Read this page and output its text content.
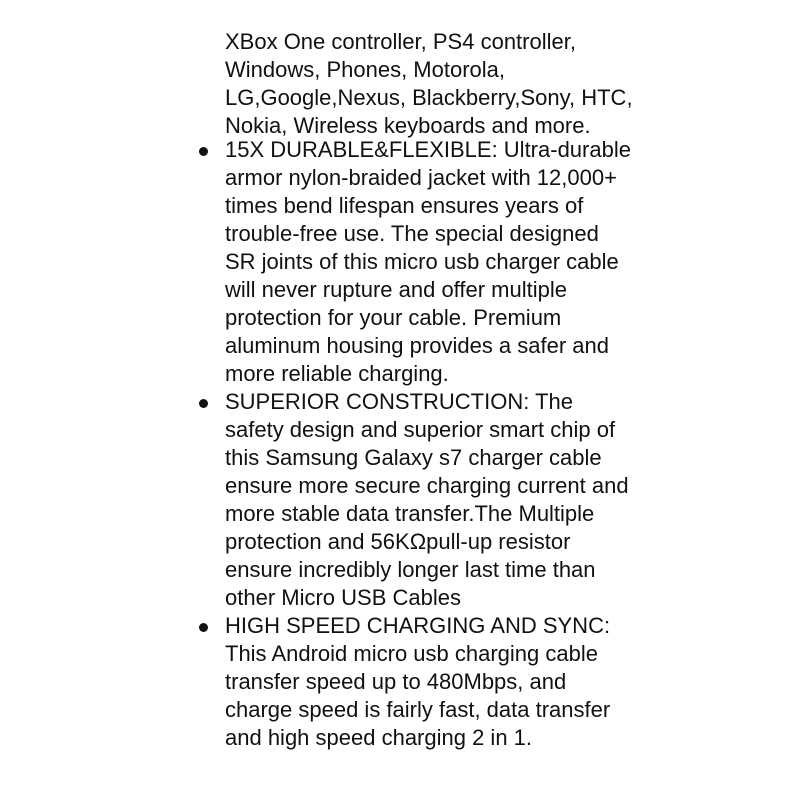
XBox One controller, PS4 controller, Windows, Phones, Motorola, LG,Google,Nexus, Blackberry,Sony, HTC, Nokia, Wireless keyboards and more.

15X DURABLE&FLEXIBLE: Ultra-durable armor nylon-braided jacket with 12,000+ times bend lifespan ensures years of trouble-free use. The special designed SR joints of this micro usb charger cable will never rupture and offer multiple protection for your cable. Premium aluminum housing provides a safer and more reliable charging.
SUPERIOR CONSTRUCTION: The safety design and superior smart chip of this Samsung Galaxy s7 charger cable ensure more secure charging current and more stable data transfer.The Multiple protection and 56KΩpull-up resistor ensure incredibly longer last time than other Micro USB Cables
HIGH SPEED CHARGING AND SYNC: This Android micro usb charging cable transfer speed up to 480Mbps, and charge speed is fairly fast, data transfer and high speed charging 2 in 1.
